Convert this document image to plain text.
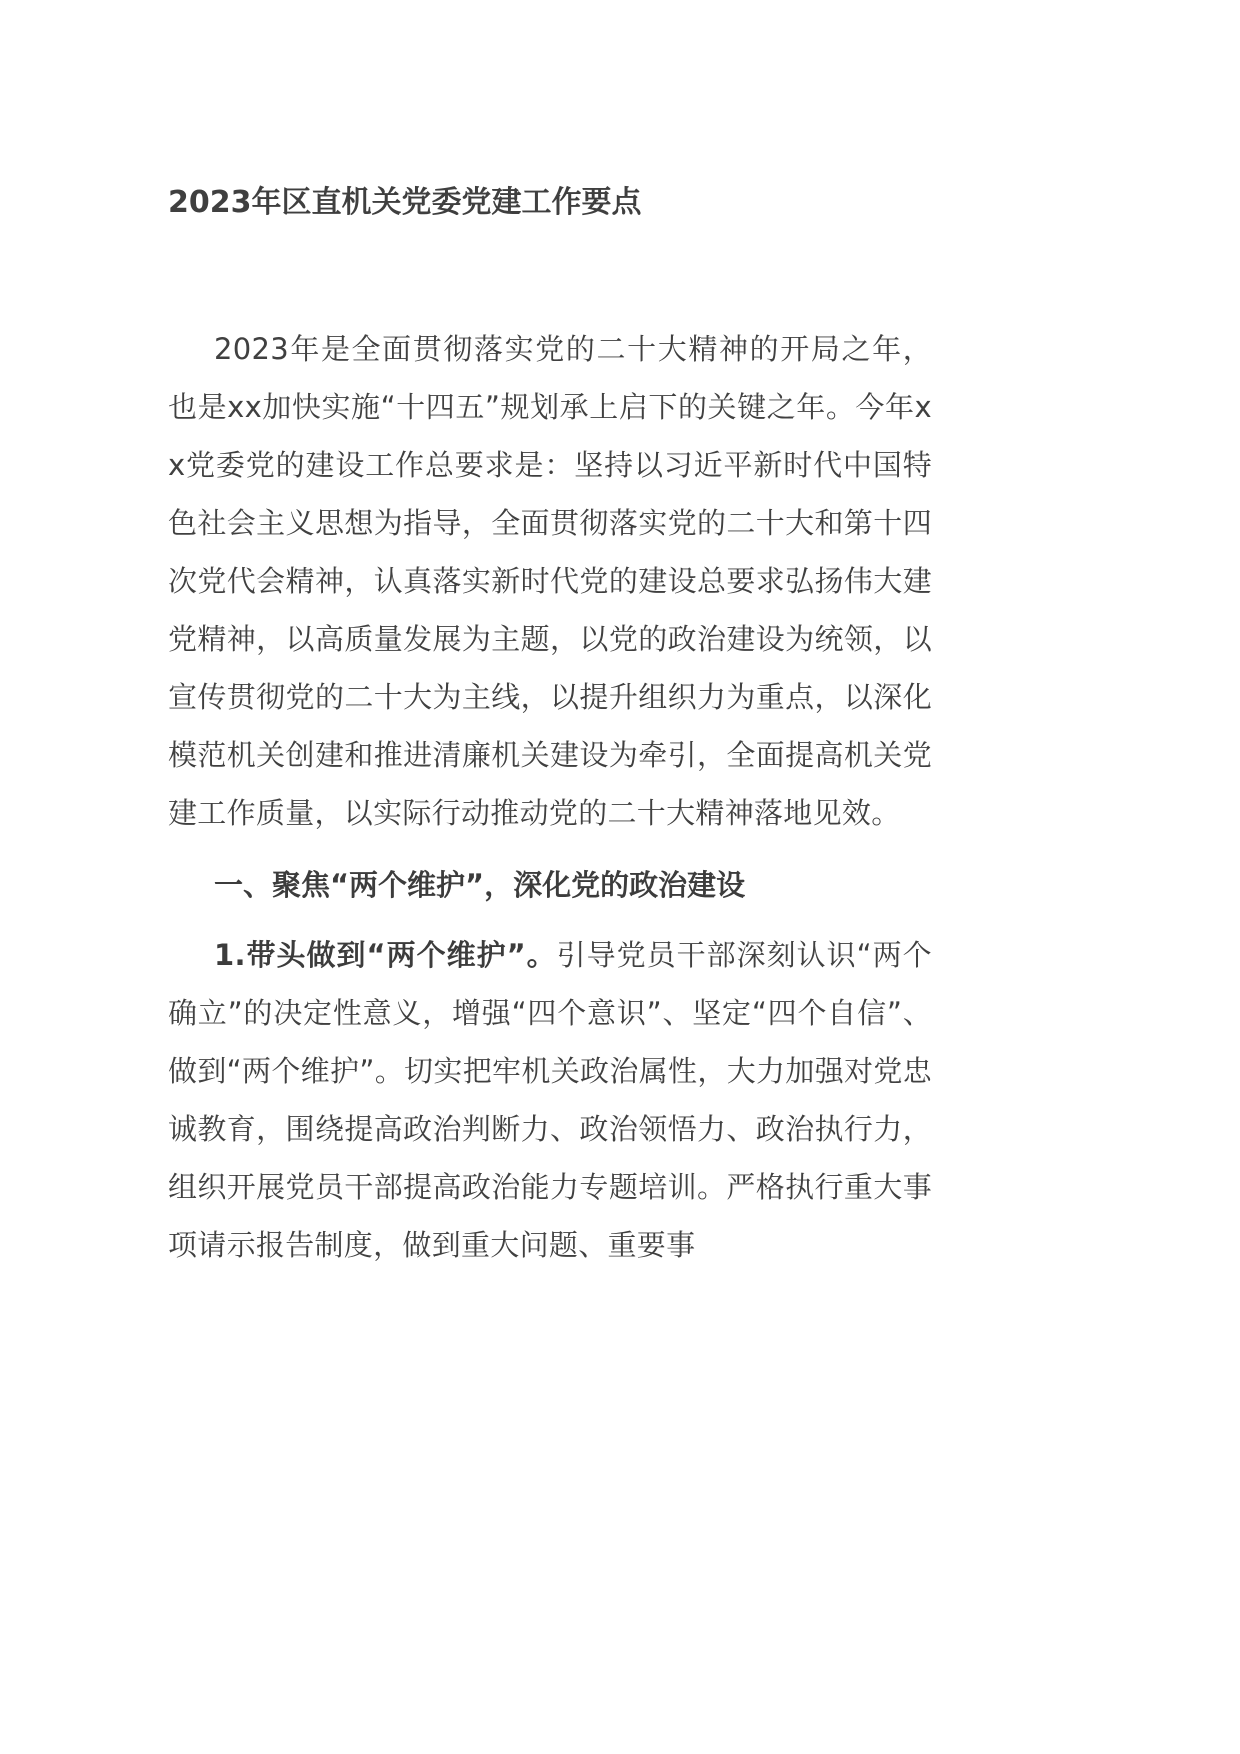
2023年区直机关党委党建工作要点

2023年是全面贯彻落实党的二十大精神的开局之年，也是xx加快实施“十四五”规划承上启下的关键之年。今年xx党委党的建设工作总要求是：坚持以习近平新时代中国特色社会主义思想为指导，全面贯彻落实党的二十大和第十四次党代会精神，认真落实新时代党的建设总要求弘扬伟大建党精神，以高质量发展为主题，以党的政治建设为统领，以宣传贯彻党的二十大为主线，以提升组织力为重点，以深化模范机关创建和推进清廉机关建设为牵引，全面提高机关党建工作质量，以实际行动推动党的二十大精神落地见效。

一、聚焦“两个维护”，深化党的政治建设

1.带头做到“两个维护”。引导党员干部深刻认识“两个确立”的决定性意义，增强“四个意识”、坚定“四个自信”、做到“两个维护”。切实把牢机关政治属性，大力加强对党忠诚教育，围绕提高政治判断力、政治领悟力、政治执行力，组织开展党员干部提高政治能力专题培训。严格执行重大事项请示报告制度，做到重大问题、重要事
